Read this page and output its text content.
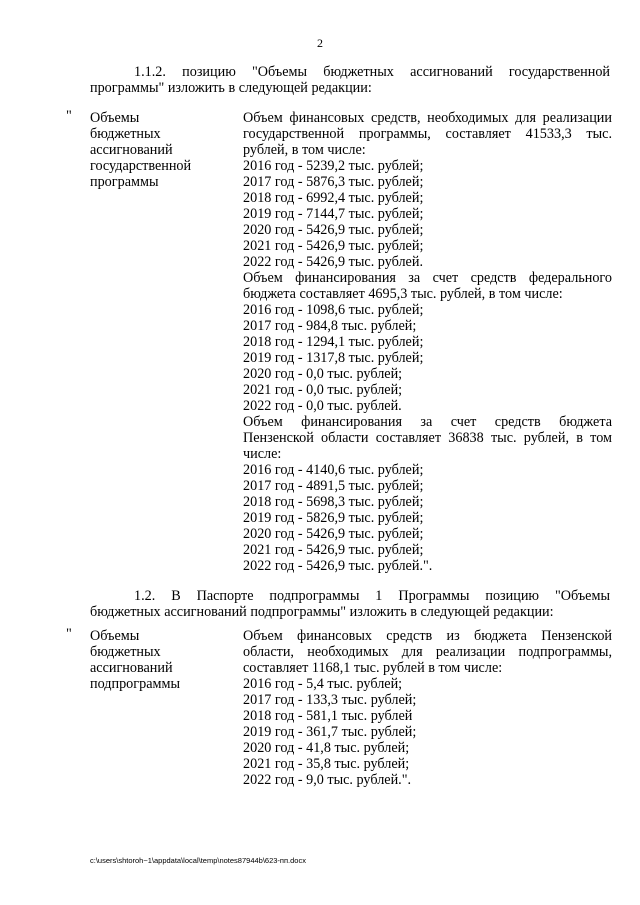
2
1.1.2. позицию "Объемы бюджетных ассигнований государственной
программы" изложить в следующей редакции:
"	Объемы
бюджетных
ассигнований
государственной
программы
Объем финансовых средств, необходимых для реализации
государственной программы, составляет 41533,3 тыс.
рублей, в том числе:
2016 год - 5239,2 тыс. рублей;
2017 год - 5876,3 тыс. рублей;
2018 год - 6992,4 тыс. рублей;
2019 год - 7144,7 тыс. рублей;
2020 год - 5426,9 тыс. рублей;
2021 год - 5426,9 тыс. рублей;
2022 год - 5426,9 тыс. рублей.
Объем финансирования за счет средств федерального
бюджета составляет 4695,3 тыс. рублей, в том числе:
2016 год - 1098,6 тыс. рублей;
2017 год - 984,8 тыс. рублей;
2018 год - 1294,1 тыс. рублей;
2019 год - 1317,8 тыс. рублей;
2020 год - 0,0 тыс. рублей;
2021 год - 0,0 тыс. рублей;
2022 год - 0,0 тыс. рублей.
Объем финансирования за счет средств бюджета
Пензенской области составляет 36838 тыс. рублей, в том
числе:
2016 год - 4140,6 тыс. рублей;
2017 год - 4891,5 тыс. рублей;
2018 год - 5698,3 тыс. рублей;
2019 год - 5826,9 тыс. рублей;
2020 год - 5426,9 тыс. рублей;
2021 год - 5426,9 тыс. рублей;
2022 год - 5426,9 тыс. рублей.".
1.2. В Паспорте подпрограммы 1 Программы позицию "Объемы
бюджетных ассигнований подпрограммы" изложить в следующей редакции:
"	Объемы
бюджетных
ассигнований
подпрограммы
Объем финансовых средств из бюджета Пензенской
области, необходимых для реализации подпрограммы,
составляет 1168,1 тыс. рублей в том числе:
2016 год - 5,4 тыс. рублей;
2017 год - 133,3 тыс. рублей;
2018 год - 581,1 тыс. рублей
2019 год - 361,7 тыс. рублей;
2020 год - 41,8 тыс. рублей;
2021 год - 35,8 тыс. рублей;
2022 год - 9,0 тыс. рублей.".
c:\users\shtoroh~1\appdata\local\temp\notes87944b\623-пп.docx
